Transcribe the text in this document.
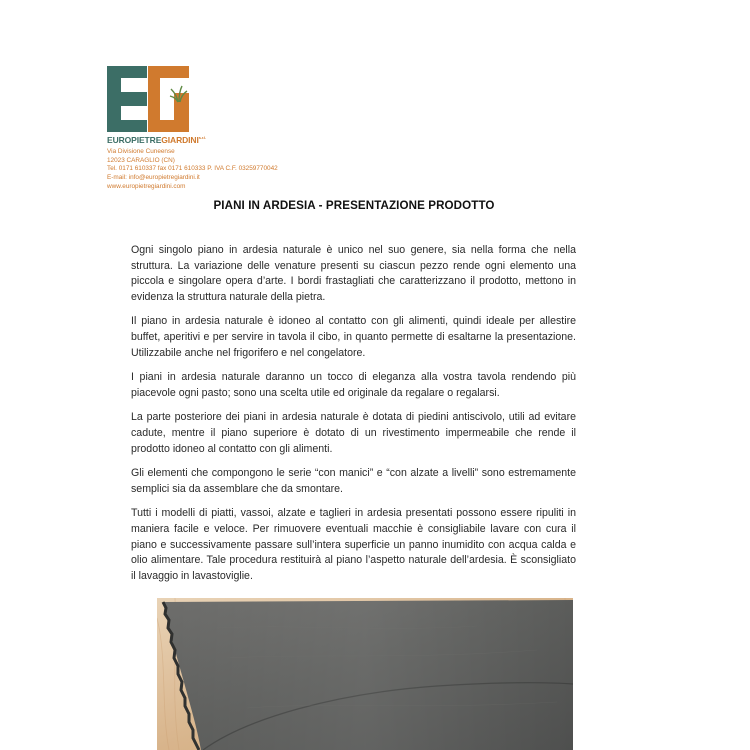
$EUROPIETREGIARDINI^{s.r.l.}$
Via Divisione Cuneense
12023 CARAGLIO (CN)
Tel. 0171 610337 fax 0171 610333 P. IVA C.F. 03259770042
E-mail: info@europietregiardini.it
www.europietregiardini.com
PIANI IN ARDESIA - PRESENTAZIONE PRODOTTO

Ogni singolo piano in ardesia naturale è unico nel suo genere, sia nella forma che nella struttura. La variazione delle venature presenti su ciascun pezzo rende ogni elemento una piccola e singolare opera d’arte. I bordi frastagliati che caratterizzano il prodotto, mettono in evidenza la struttura naturale della pietra.

Il piano in ardesia naturale è idoneo al contatto con gli alimenti, quindi ideale per allestire buffet, aperitivi e per servire in tavola il cibo, in quanto permette di esaltarne la presentazione. Utilizzabile anche nel frigorifero e nel congelatore.

I piani in ardesia naturale daranno un tocco di eleganza alla vostra tavola rendendo più piacevole ogni pasto; sono una scelta utile ed originale da regalare o regalarsi.

La parte posteriore dei piani in ardesia naturale è dotata di piedini antiscivolo, utili ad evitare cadute, mentre il piano superiore è dotato di un rivestimento impermeabile che rende il prodotto idoneo al contatto con gli alimenti.

Gli elementi che compongono le serie “con manici” e “con alzate a livelli” sono estremamente semplici sia da assemblare che da smontare.

Tutti i modelli di piatti, vassoi, alzate e taglieri in ardesia presentati possono essere ripuliti in maniera facile e veloce. Per rimuovere eventuali macchie è consigliabile lavare con cura il piano e successivamente passare sull’intera superficie un panno inumidito con acqua calda e olio alimentare. Tale procedura restituirà al piano l’aspetto naturale dell’ardesia. È sconsigliato il lavaggio in lavastoviglie.
